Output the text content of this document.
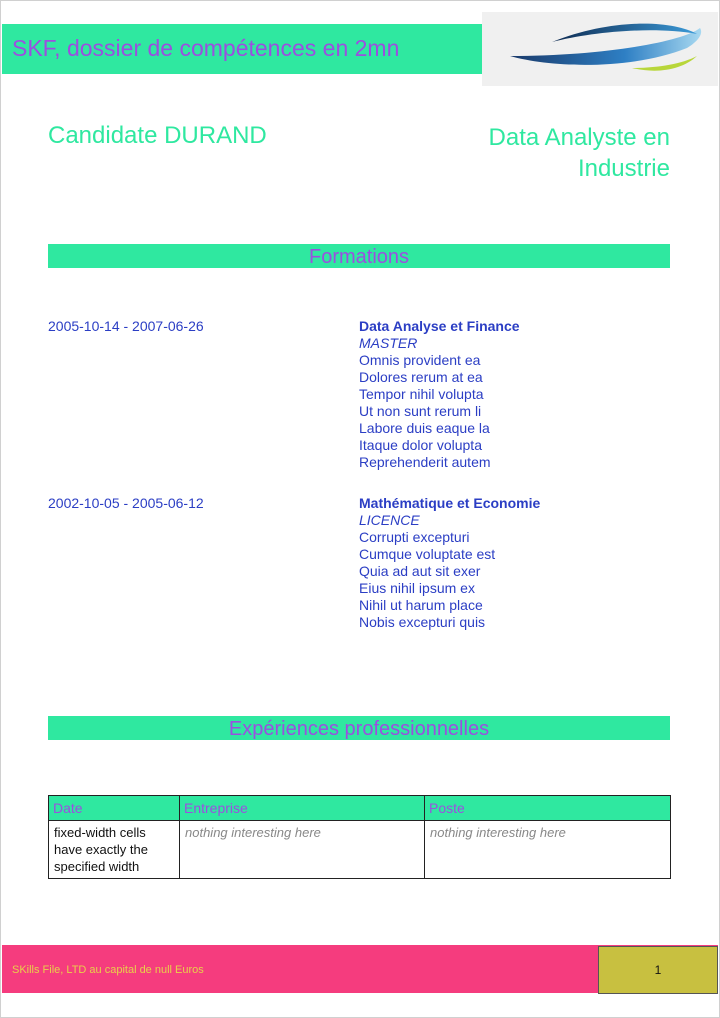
SKF, dossier de compétences en 2mn
Candidate DURAND	Data Analyste en Industrie
Formations
2005-10-14 - 2007-06-26	Data Analyse et Finance
MASTER
Omnis provident ea
Dolores rerum at ea
Tempor nihil volupta
Ut non sunt rerum li
Labore duis eaque la
Itaque dolor volupta
Reprehenderit autem
2002-10-05 - 2005-06-12	Mathématique et Economie
LICENCE
Corrupti excepturi
Cumque voluptate est
Quia ad aut sit exer
Eius nihil ipsum ex
Nihil ut harum place
Nobis excepturi quis
Expériences professionnelles
Date	Entreprise	Poste
fixed-width cells have exactly the specified width	nothing interesting here	nothing interesting here
SKills File, LTD au capital de null Euros	1
